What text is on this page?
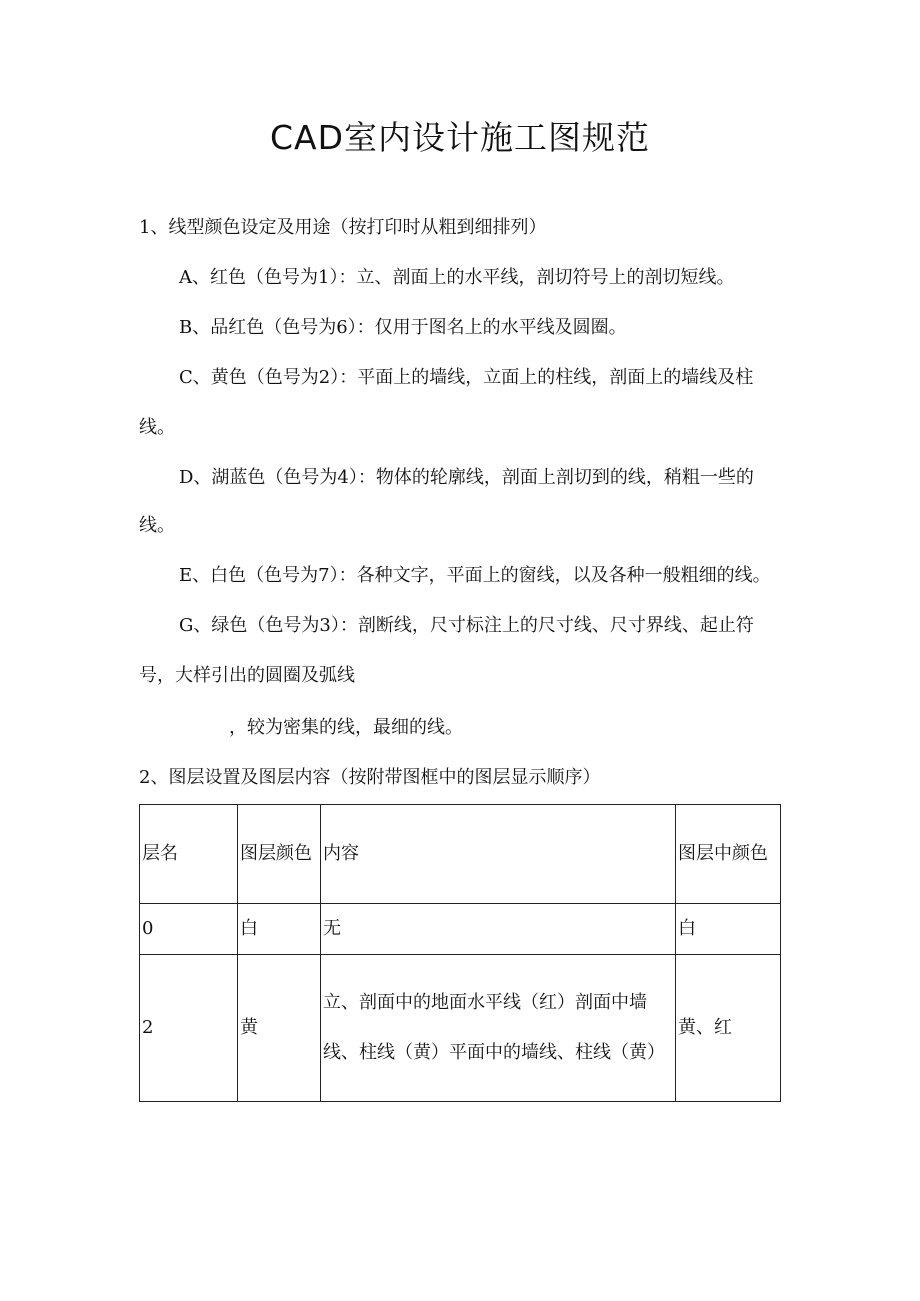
CAD室内设计施工图规范
1、线型颜色设定及用途（按打印时从粗到细排列）
A、红色（色号为1）：立、剖面上的水平线，剖切符号上的剖切短线。
B、品红色（色号为6）：仅用于图名上的水平线及圆圈。
C、黄色（色号为2）：平面上的墙线，立面上的柱线，剖面上的墙线及柱
线。
D、湖蓝色（色号为4）：物体的轮廓线，剖面上剖切到的线，稍粗一些的
线。
E、白色（色号为7）：各种文字，平面上的窗线，以及各种一般粗细的线。
G、绿色（色号为3）：剖断线，尺寸标注上的尺寸线、尺寸界线、起止符
号，大样引出的圆圈及弧线
，较为密集的线，最细的线。
2、图层设置及图层内容（按附带图框中的图层显示顺序）
层名	图层颜色	内容	图层中颜色

0	白	无	白

2	黄	立、剖面中的地面水平线（红）剖面中墙线、柱线（黄）平面中的墙线、柱线（黄）	黄、红
